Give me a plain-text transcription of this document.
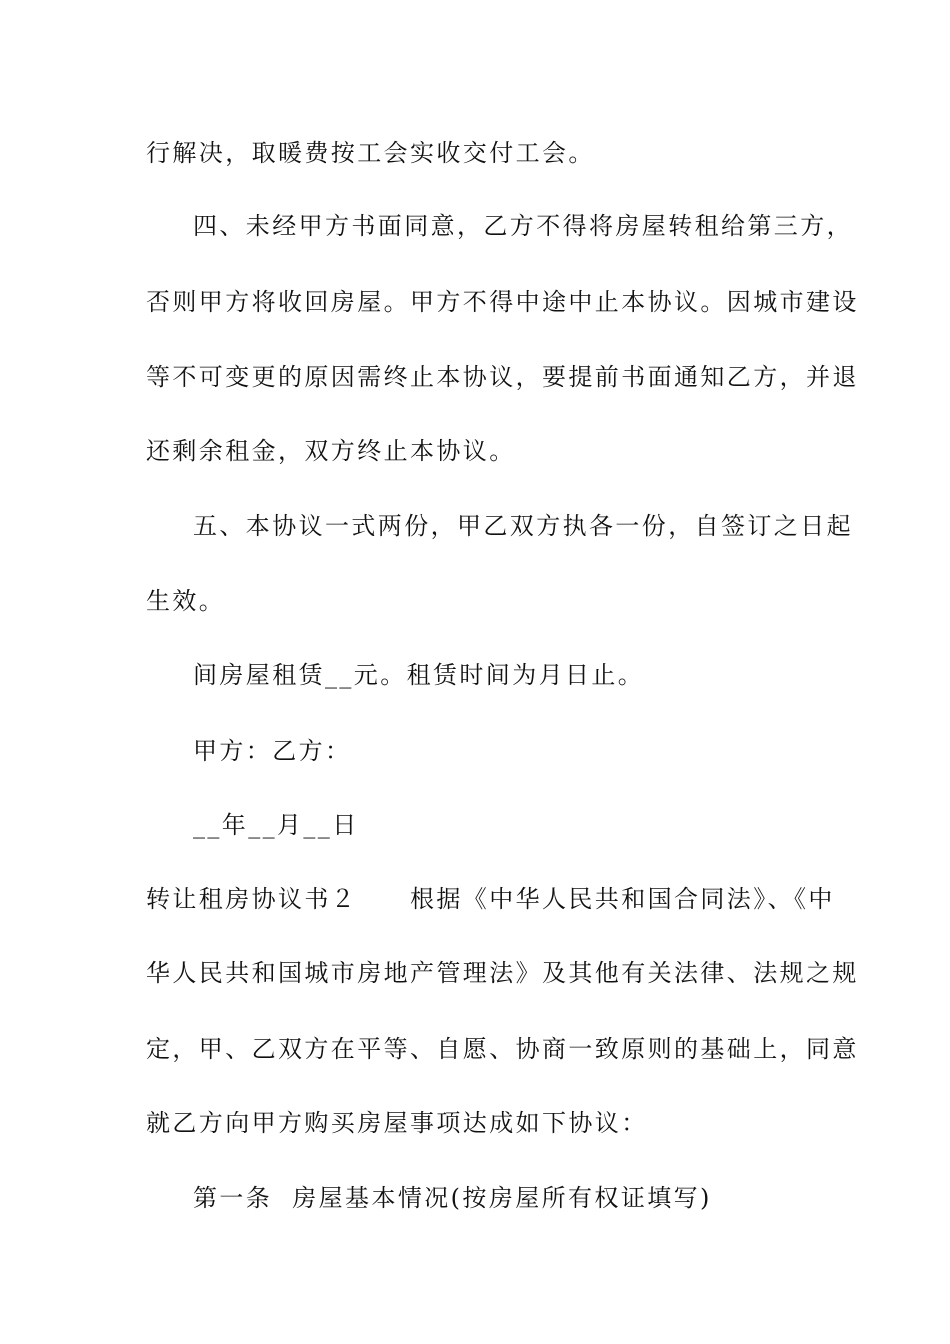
行解决，取暖费按工会实收交付工会。
四、未经甲方书面同意，乙方不得将房屋转租给第三方，
否则甲方将收回房屋。甲方不得中途中止本协议。因城市建设
等不可变更的原因需终止本协议，要提前书面通知乙方，并退
还剩余租金，双方终止本协议。
五、本协议一式两份，甲乙双方执各一份，自签订之日起
生效。
间房屋租赁__元。租赁时间为月日止。
甲方：乙方：
__年__月__日
转让租房协议书２　　根据《中华人民共和国合同法》、《中
华人民共和国城市房地产管理法》及其他有关法律、法规之规
定，甲、乙双方在平等、自愿、协商一致原则的基础上，同意
就乙方向甲方购买房屋事项达成如下协议：
第一条  房屋基本情况(按房屋所有权证填写)
